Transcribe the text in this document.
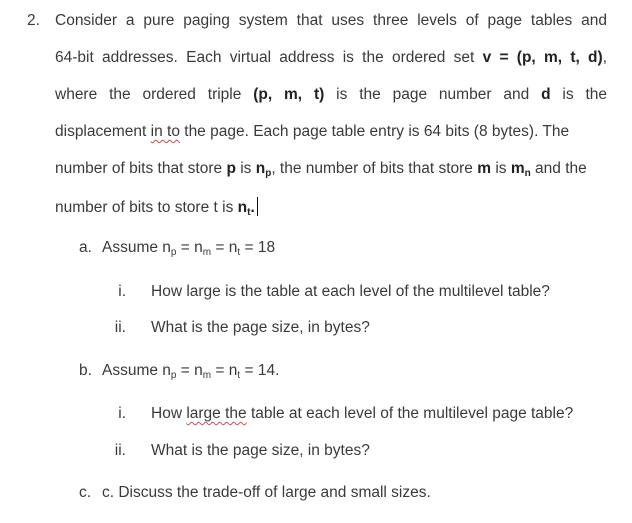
2. Consider a pure paging system that uses three levels of page tables and
64-bit addresses. Each virtual address is the ordered set v = (p, m, t, d),
where the ordered triple (p, m, t) is the page number and d is the
displacement in to the page. Each page table entry is 64 bits (8 bytes). The
number of bits that store p is $n_p$, the number of bits that store m is $m_n$ and the
number of bits to store t is $n_t$.
a. Assume $n_p = n_m = n_t = 18$
i. How large is the table at each level of the multilevel table?
ii. What is the page size, in bytes?
b. Assume $n_p = n_m = n_t = 14$.
i. How large the table at each level of the multilevel page table?
ii. What is the page size, in bytes?
c. c. Discuss the trade-off of large and small sizes.
